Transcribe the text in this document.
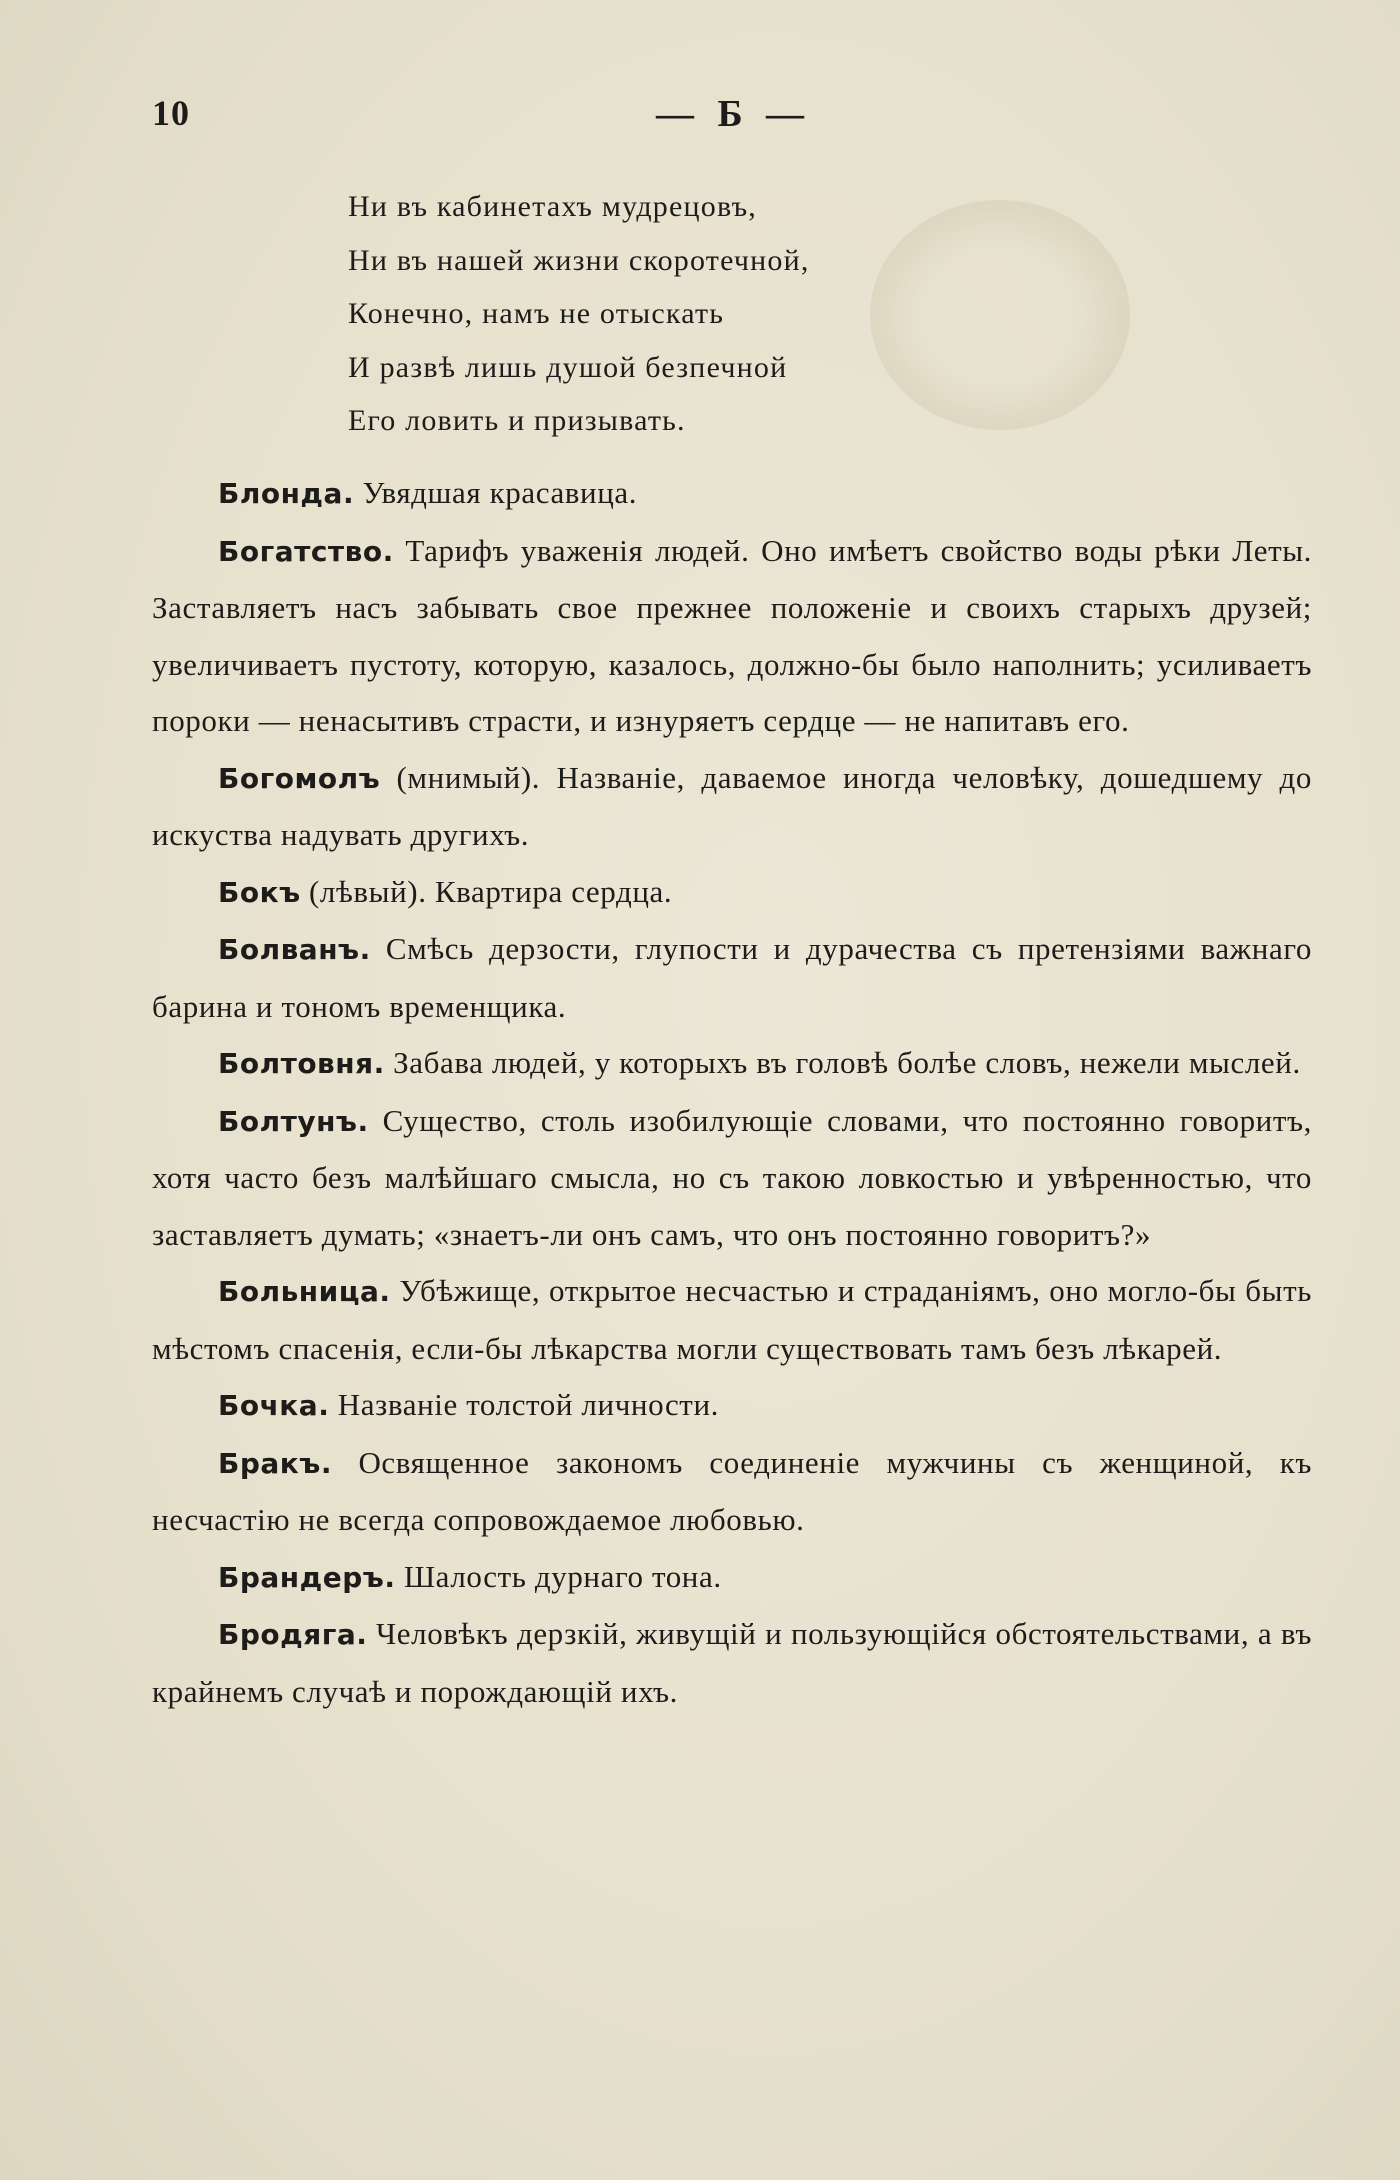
10	— Б —
Ни въ кабинетахъ мудрецовъ,
Ни въ нашей жизни скоротечной,
Конечно, намъ не отыскать
И развѣ лишь душой безпечной
Его ловить и призывать.

Блонда. Увядшая красавица.

Богатство. Тарифъ уваженія людей. Оно имѣетъ свойство воды рѣки Леты. Заставляетъ насъ забывать свое прежнее положеніе и своихъ старыхъ друзей; увеличиваетъ пустоту, которую, казалось, должно-бы было наполнить; усиливаетъ пороки — ненасытивъ страсти, и изнуряетъ сердце — не напитавъ его.

Богомолъ (мнимый). Названіе, даваемое иногда человѣку, дошедшему до искуства надувать другихъ.

Бокъ (лѣвый). Квартира сердца.

Болванъ. Смѣсь дерзости, глупости и дурачества съ претензіями важнаго барина и тономъ временщика.

Болтовня. Забава людей, у которыхъ въ головѣ болѣе словъ, нежели мыслей.

Болтунъ. Существо, столь изобилующіе словами, что постоянно говоритъ, хотя часто безъ малѣйшаго смысла, но съ такою ловкостью и увѣренностью, что заставляетъ думать; «знаетъ-ли онъ самъ, что онъ постоянно говоритъ?»

Больница. Убѣжище, открытое несчастью и страданіямъ, оно могло-бы быть мѣстомъ спасенія, если-бы лѣкарства могли существовать тамъ безъ лѣкарей.

Бочка. Названіе толстой личности.

Бракъ. Освященное закономъ соединеніе мужчины съ женщиной, къ несчастію не всегда сопровождаемое любовью.

Брандеръ. Шалость дурнаго тона.

Бродяга. Человѣкъ дерзкій, живущій и пользующійся обстоятельствами, а въ крайнемъ случаѣ и порождающій ихъ.
